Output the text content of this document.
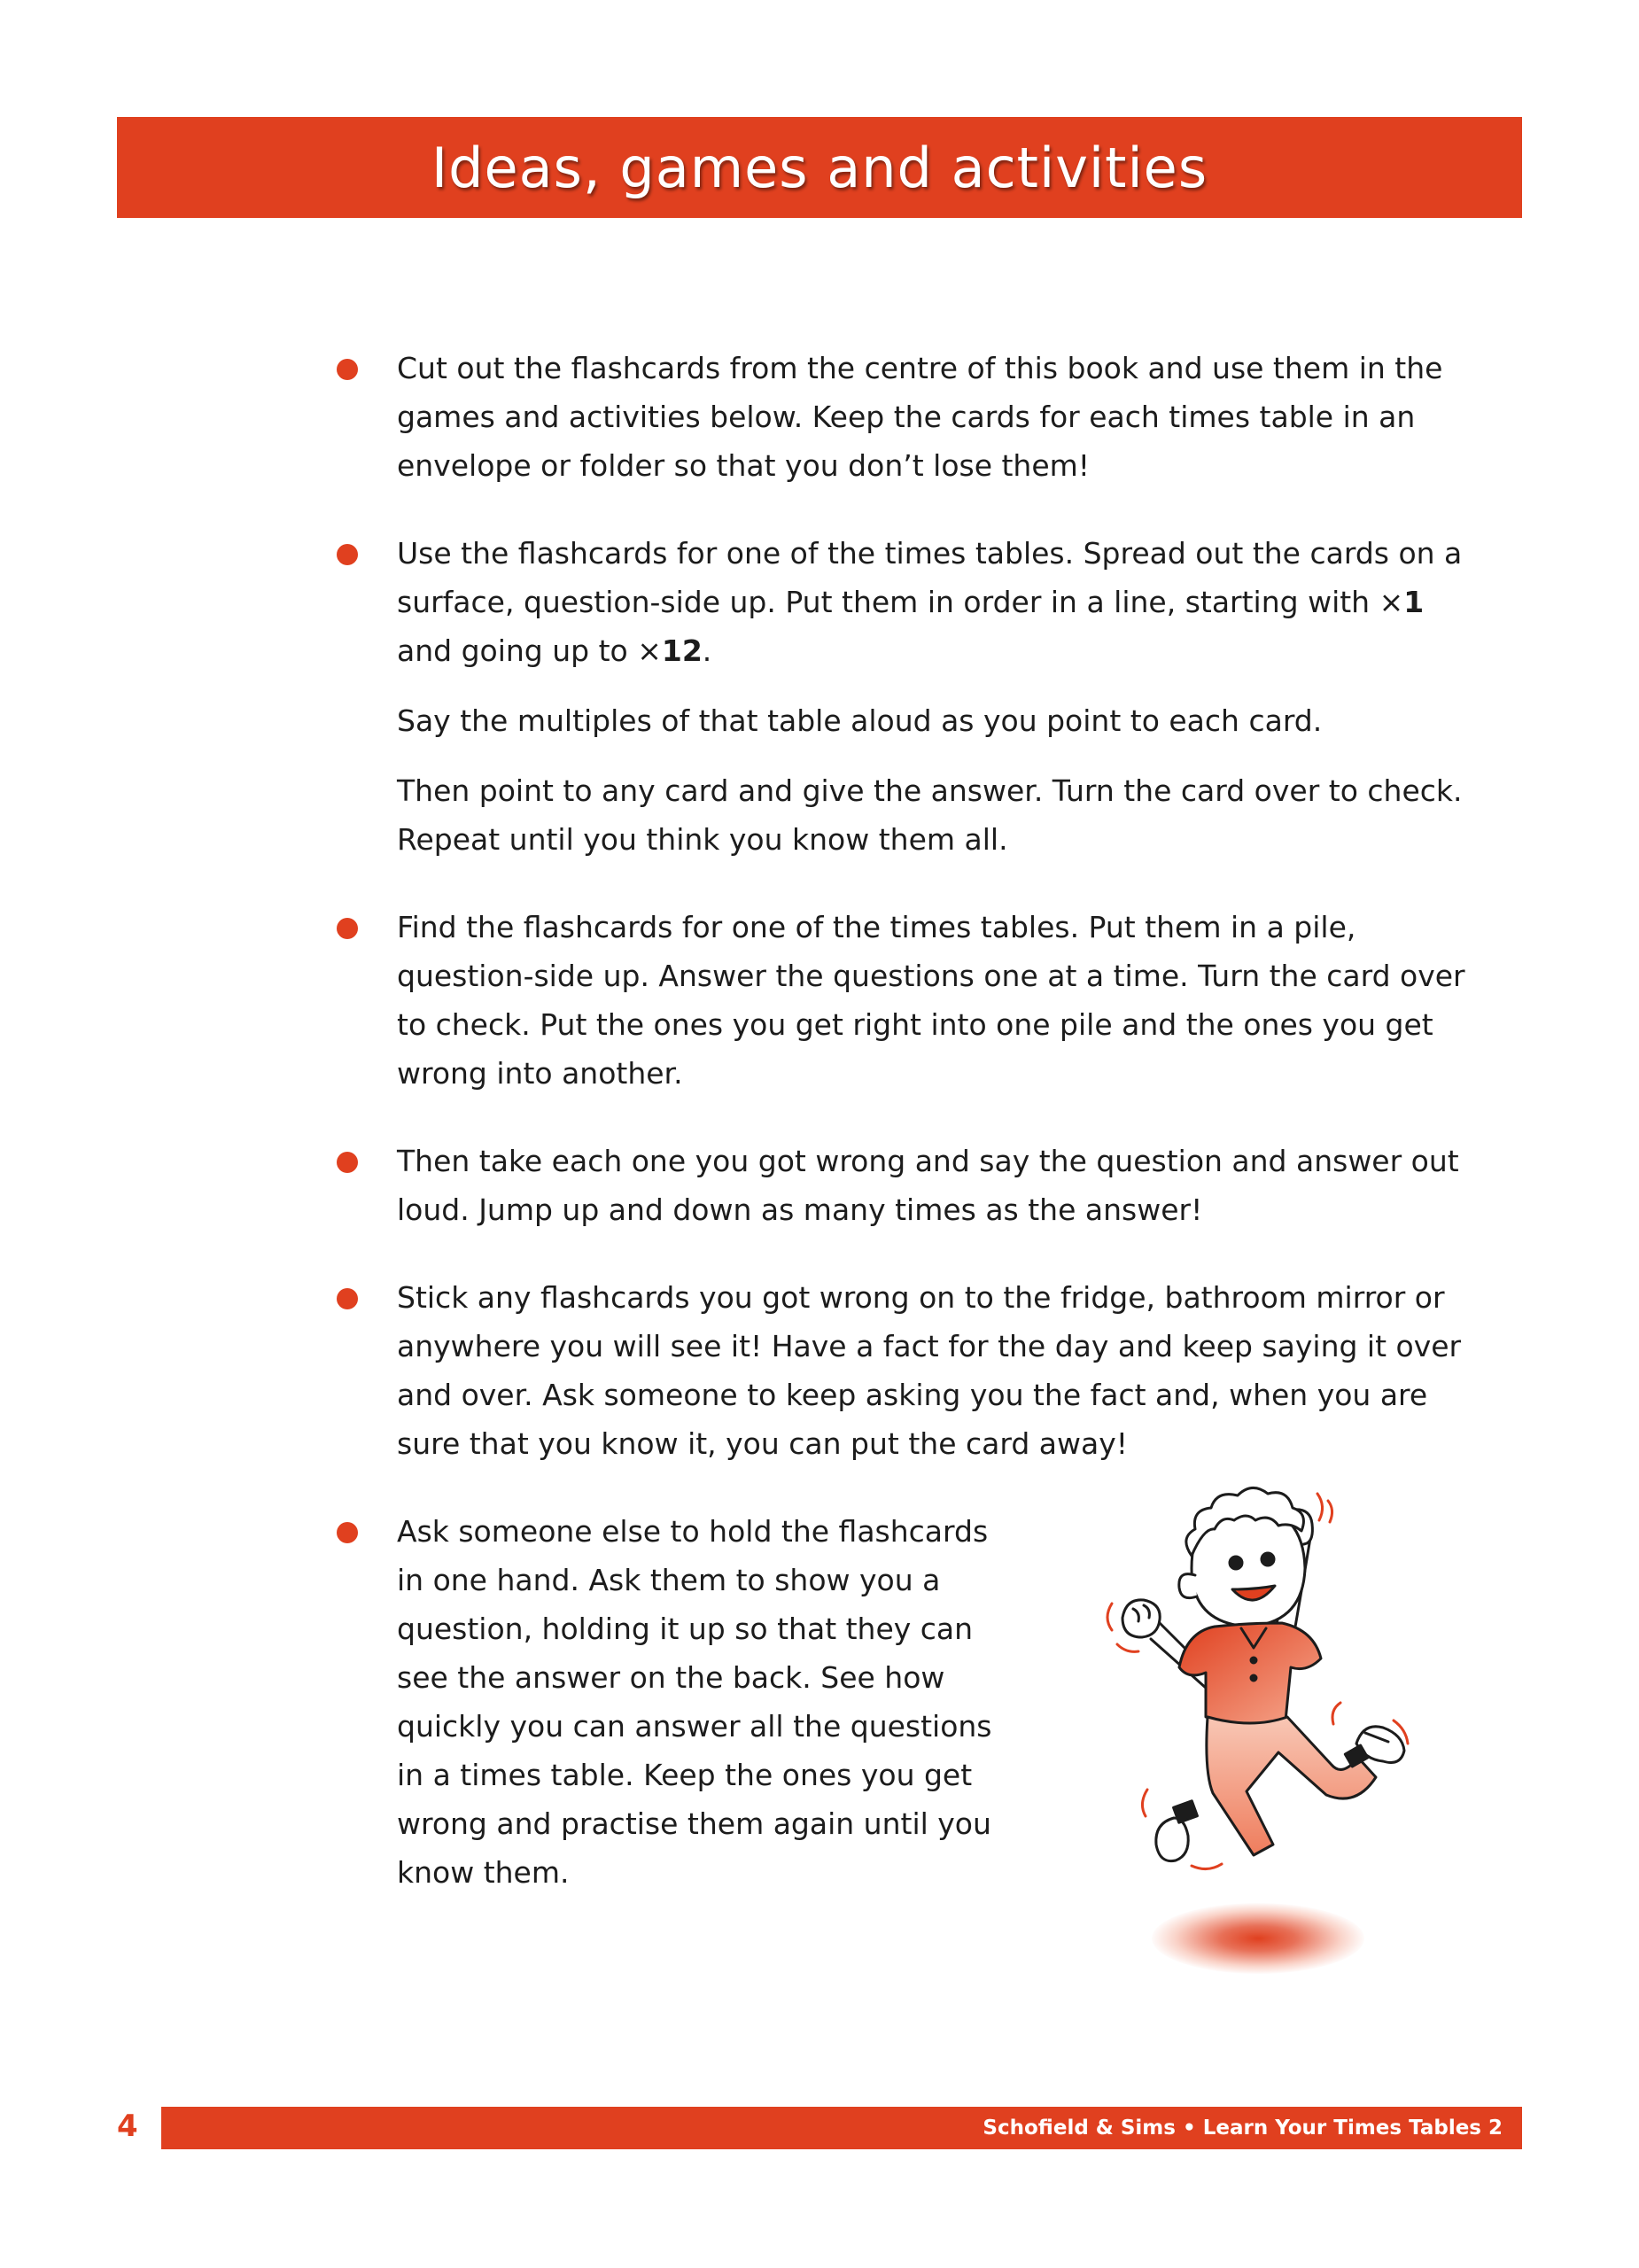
Ideas, games and activities

Cut out the flashcards from the centre of this book and use them in the games and activities below. Keep the cards for each times table in an envelope or folder so that you don’t lose them!

Use the flashcards for one of the times tables. Spread out the cards on a surface, question-side up. Put them in order in a line, starting with ×1
and going up to ×12.

Say the multiples of that table aloud as you point to each card.

Then point to any card and give the answer. Turn the card over to check. Repeat until you think you know them all.

Find the flashcards for one of the times tables. Put them in a pile, question-side up. Answer the questions one at a time. Turn the card over to check. Put the ones you get right into one pile and the ones you get wrong into another.

Then take each one you got wrong and say the question and answer out loud. Jump up and down as many times as the answer!

Stick any flashcards you got wrong on to the fridge, bathroom mirror or anywhere you will see it! Have a fact for the day and keep saying it over and over. Ask someone to keep asking you the fact and, when you are sure that you know it, you can put the card away!

Ask someone else to hold the flashcards in one hand. Ask them to show you a question, holding it up so that they can see the answer on the back. See how quickly you can answer all the questions in a times table. Keep the ones you get wrong and practise them again until you know them.

4	Schofield & Sims • Learn Your Times Tables 2
